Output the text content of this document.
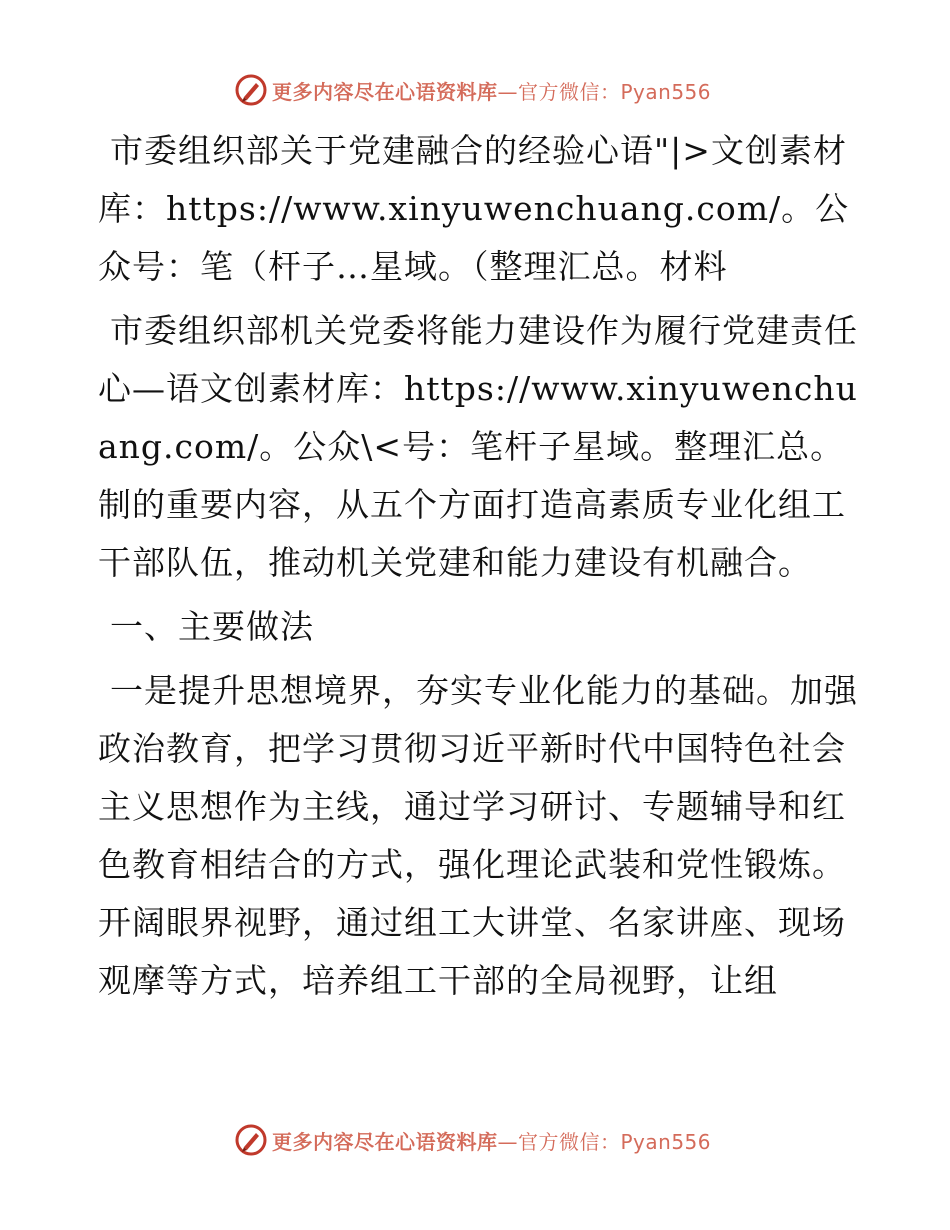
更多内容尽在心语资料库—官方微信：Pyan556

市委组织部关于党建融合的经验心语"|>文创素材库：https://www.xinyuwenchuang.com/。公众号：笔（杆子…星域。（整理汇总。材料

市委组织部机关党委将能力建设作为履行党建责任心—语文创素材库：https://www.xinyuwenchuang.com/。公众\<号：笔杆子星域。整理汇总。制的重要内容，从五个方面打造高素质专业化组工干部队伍，推动机关党建和能力建设有机融合。

一、主要做法

一是提升思想境界，夯实专业化能力的基础。加强政治教育，把学习贯彻习近平新时代中国特色社会主义思想作为主线，通过学习研讨、专题辅导和红色教育相结合的方式，强化理论武装和党性锻炼。开阔眼界视野，通过组工大讲堂、名家讲座、现场观摩等方式，培养组工干部的全局视野，让组

更多内容尽在心语资料库—官方微信：Pyan556
